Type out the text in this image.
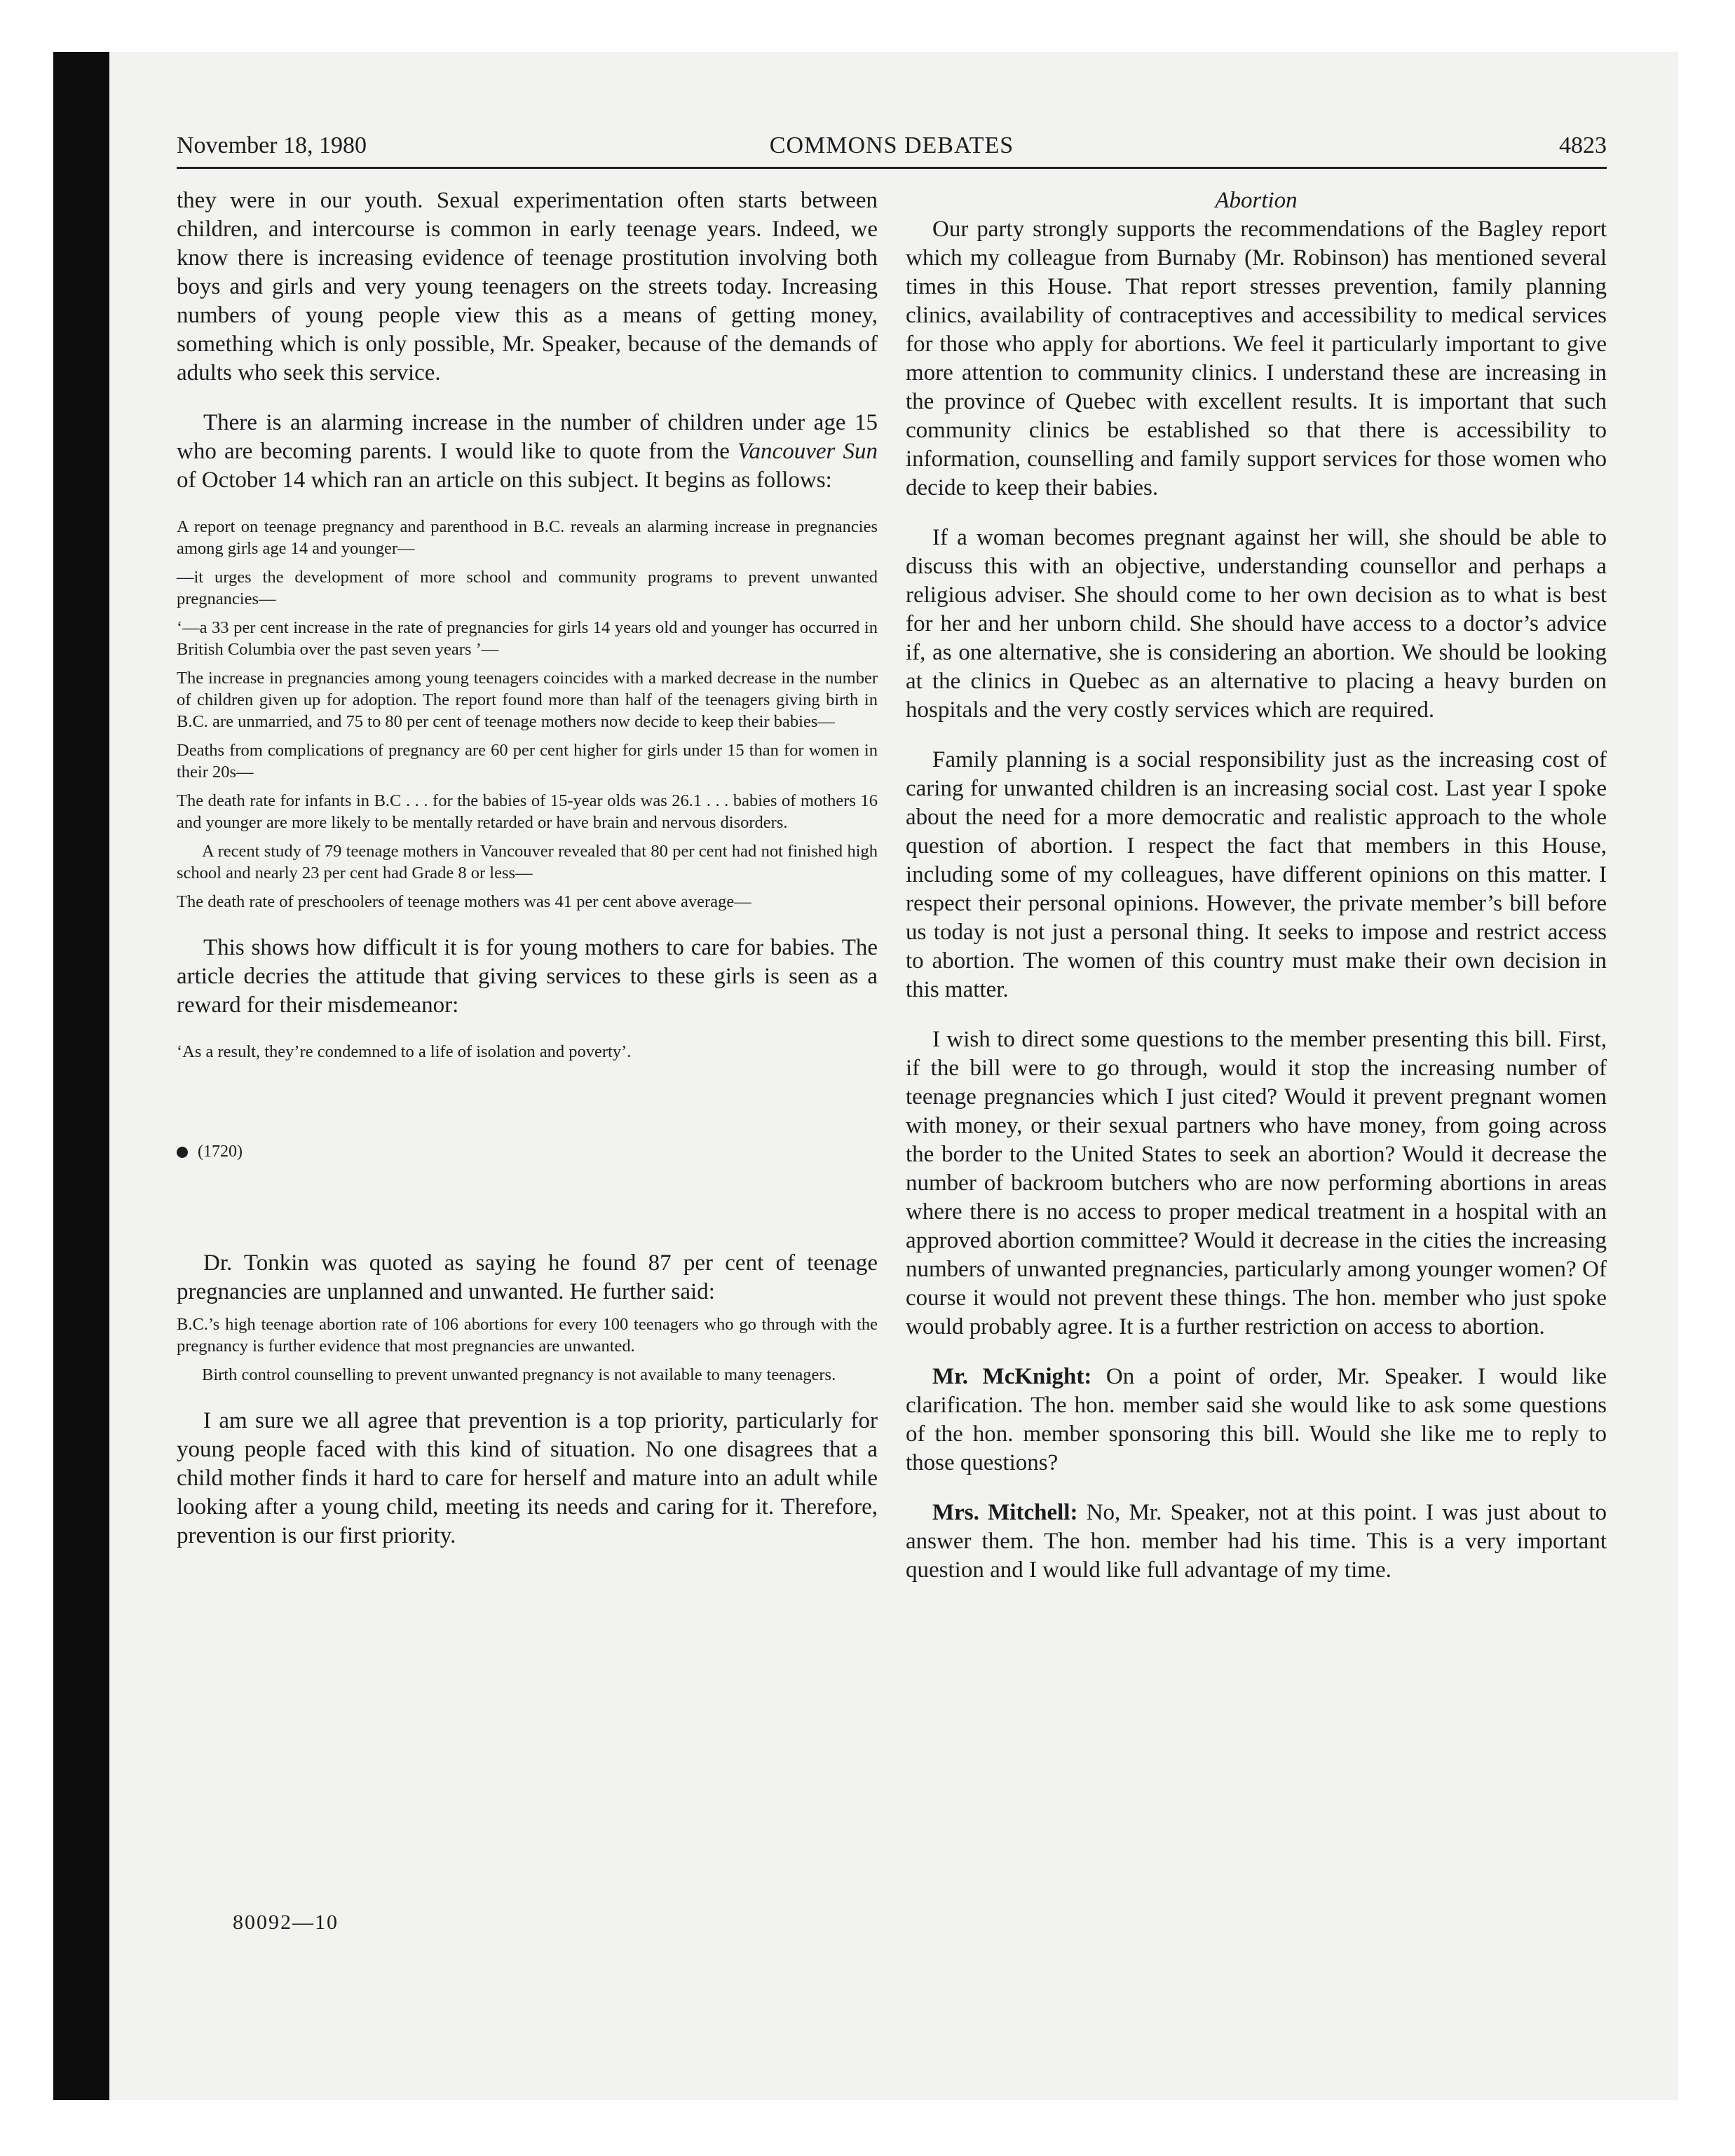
November 18, 1980	COMMONS DEBATES	4823

they were in our youth. Sexual experimentation often starts between children, and intercourse is common in early teenage years. Indeed, we know there is increasing evidence of teenage prostitution involving both boys and girls and very young teenagers on the streets today. Increasing numbers of young people view this as a means of getting money, something which is only possible, Mr. Speaker, because of the demands of adults who seek this service.

There is an alarming increase in the number of children under age 15 who are becoming parents. I would like to quote from the Vancouver Sun of October 14 which ran an article on this subject. It begins as follows:

A report on teenage pregnancy and parenthood in B.C. reveals an alarming increase in pregnancies among girls age 14 and younger—

—it urges the development of more school and community programs to prevent unwanted pregnancies—

‘—a 33 per cent increase in the rate of pregnancies for girls 14 years old and younger has occurred in British Columbia over the past seven years ’—

The increase in pregnancies among young teenagers coincides with a marked decrease in the number of children given up for adoption. The report found more than half of the teenagers giving birth in B.C. are unmarried, and 75 to 80 per cent of teenage mothers now decide to keep their babies—

Deaths from complications of pregnancy are 60 per cent higher for girls under 15 than for women in their 20s—

The death rate for infants in B.C . . . for the babies of 15-year olds was 26.1 . . . babies of mothers 16 and younger are more likely to be mentally retarded or have brain and nervous disorders.

A recent study of 79 teenage mothers in Vancouver revealed that 80 per cent had not finished high school and nearly 23 per cent had Grade 8 or less—

The death rate of preschoolers of teenage mothers was 41 per cent above average—

This shows how difficult it is for young mothers to care for babies. The article decries the attitude that giving services to these girls is seen as a reward for their misdemeanor:

‘As a result, they’re condemned to a life of isolation and poverty’.

(1720)

Dr. Tonkin was quoted as saying he found 87 per cent of teenage pregnancies are unplanned and unwanted. He further said:

B.C.’s high teenage abortion rate of 106 abortions for every 100 teenagers who go through with the pregnancy is further evidence that most pregnancies are unwanted.

Birth control counselling to prevent unwanted pregnancy is not available to many teenagers.

I am sure we all agree that prevention is a top priority, particularly for young people faced with this kind of situation. No one disagrees that a child mother finds it hard to care for herself and mature into an adult while looking after a young child, meeting its needs and caring for it. Therefore, prevention is our first priority.

Abortion

Our party strongly supports the recommendations of the Bagley report which my colleague from Burnaby (Mr. Robinson) has mentioned several times in this House. That report stresses prevention, family planning clinics, availability of contraceptives and accessibility to medical services for those who apply for abortions. We feel it particularly important to give more attention to community clinics. I understand these are increasing in the province of Quebec with excellent results. It is important that such community clinics be established so that there is accessibility to information, counselling and family support services for those women who decide to keep their babies.

If a woman becomes pregnant against her will, she should be able to discuss this with an objective, understanding counsellor and perhaps a religious adviser. She should come to her own decision as to what is best for her and her unborn child. She should have access to a doctor’s advice if, as one alternative, she is considering an abortion. We should be looking at the clinics in Quebec as an alternative to placing a heavy burden on hospitals and the very costly services which are required.

Family planning is a social responsibility just as the increasing cost of caring for unwanted children is an increasing social cost. Last year I spoke about the need for a more democratic and realistic approach to the whole question of abortion. I respect the fact that members in this House, including some of my colleagues, have different opinions on this matter. I respect their personal opinions. However, the private member’s bill before us today is not just a personal thing. It seeks to impose and restrict access to abortion. The women of this country must make their own decision in this matter.

I wish to direct some questions to the member presenting this bill. First, if the bill were to go through, would it stop the increasing number of teenage pregnancies which I just cited? Would it prevent pregnant women with money, or their sexual partners who have money, from going across the border to the United States to seek an abortion? Would it decrease the number of backroom butchers who are now performing abortions in areas where there is no access to proper medical treatment in a hospital with an approved abortion committee? Would it decrease in the cities the increasing numbers of unwanted pregnancies, particularly among younger women? Of course it would not prevent these things. The hon. member who just spoke would probably agree. It is a further restriction on access to abortion.

Mr. McKnight: On a point of order, Mr. Speaker. I would like clarification. The hon. member said she would like to ask some questions of the hon. member sponsoring this bill. Would she like me to reply to those questions?

Mrs. Mitchell: No, Mr. Speaker, not at this point. I was just about to answer them. The hon. member had his time. This is a very important question and I would like full advantage of my time.

80092—10
